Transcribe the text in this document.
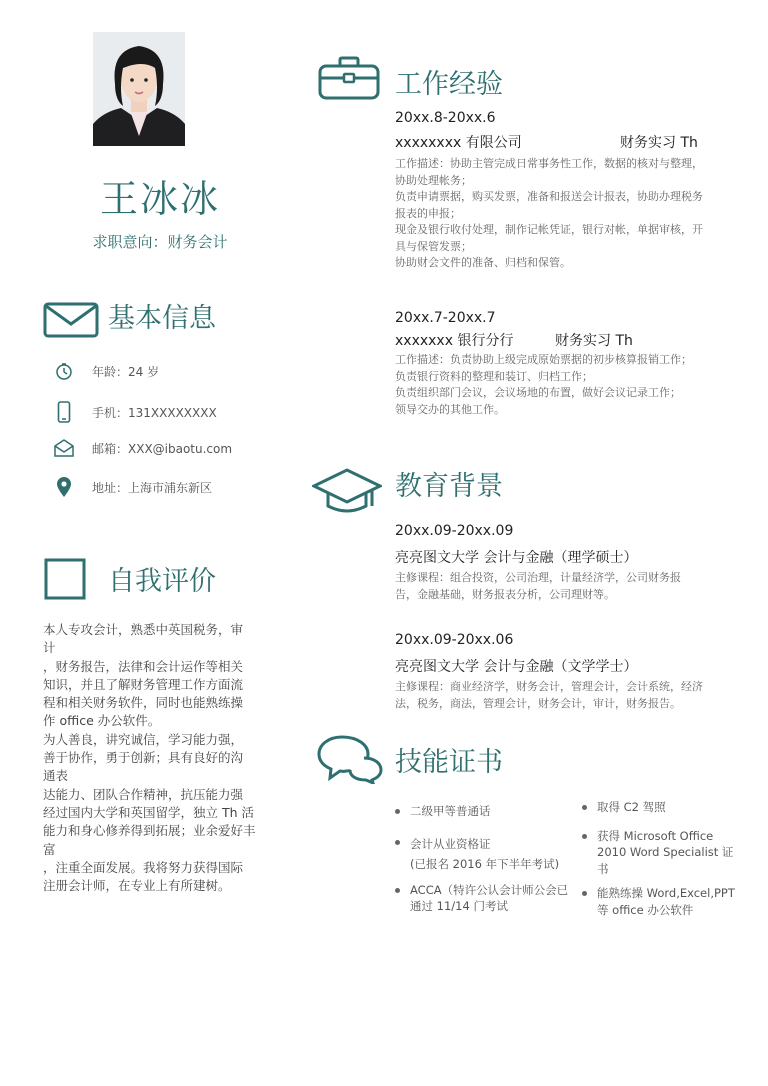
王冰冰
求职意向：财务会计
基本信息
年龄：24 岁
手机：131XXXXXXXX
邮箱：XXX@ibaotu.com
地址：上海市浦东新区
自我评价
本人专攻会计，熟悉中英国税务，审
计
，财务报告，法律和会计运作等相关
知识，并且了解财务管理工作方面流
程和相关财务软件，同时也能熟练操
作 office 办公软件。
为人善良，讲究诚信，学习能力强，
善于协作，勇于创新；具有良好的沟
通表
达能力、团队合作精神，抗压能力强
经过国内大学和英国留学，独立 Th 活
能力和身心修养得到拓展；业余爱好丰
富
，注重全面发展。我将努力获得国际
注册会计师，在专业上有所建树。
工作经验
20xx.8-20xx.6
xxxxxxxx 有限公司	财务实习 Th
工作描述：协助主管完成日常事务性工作，数据的核对与整理，
协助处理帐务；
负责申请票据，购买发票，准备和报送会计报表，协助办理税务
报表的申报；
现金及银行收付处理，制作记帐凭证，银行对帐，单据审核，开
具与保管发票；
协助财会文件的准备、归档和保管。
20xx.7-20xx.7
xxxxxxx 银行分行	财务实习 Th
工作描述：负责协助上级完成原始票据的初步核算报销工作；
负责银行资料的整理和装订、归档工作；
负责组织部门会议，会议场地的布置，做好会议记录工作；
领导交办的其他工作。
教育背景
20xx.09-20xx.09
亮亮图文大学 会计与金融（理学硕士）
主修课程：组合投资，公司治理，计量经济学，公司财务报
告，金融基础，财务报表分析，公司理财等。
20xx.09-20xx.06
亮亮图文大学 会计与金融（文学学士）
主修课程：商业经济学，财务会计，管理会计，会计系统，经济
法，税务，商法，管理会计，财务会计，审计，财务报告。
技能证书
二级甲等普通话
会计从业资格证
(已报名 2016 年下半年考试)
ACCA（特许公认会计师公会已
通过 11/14 门考试
取得 C2 驾照
获得 Microsoft Office
2010 Word Specialist 证
书
能熟练操 Word,Excel,PPT
等 office 办公软件
